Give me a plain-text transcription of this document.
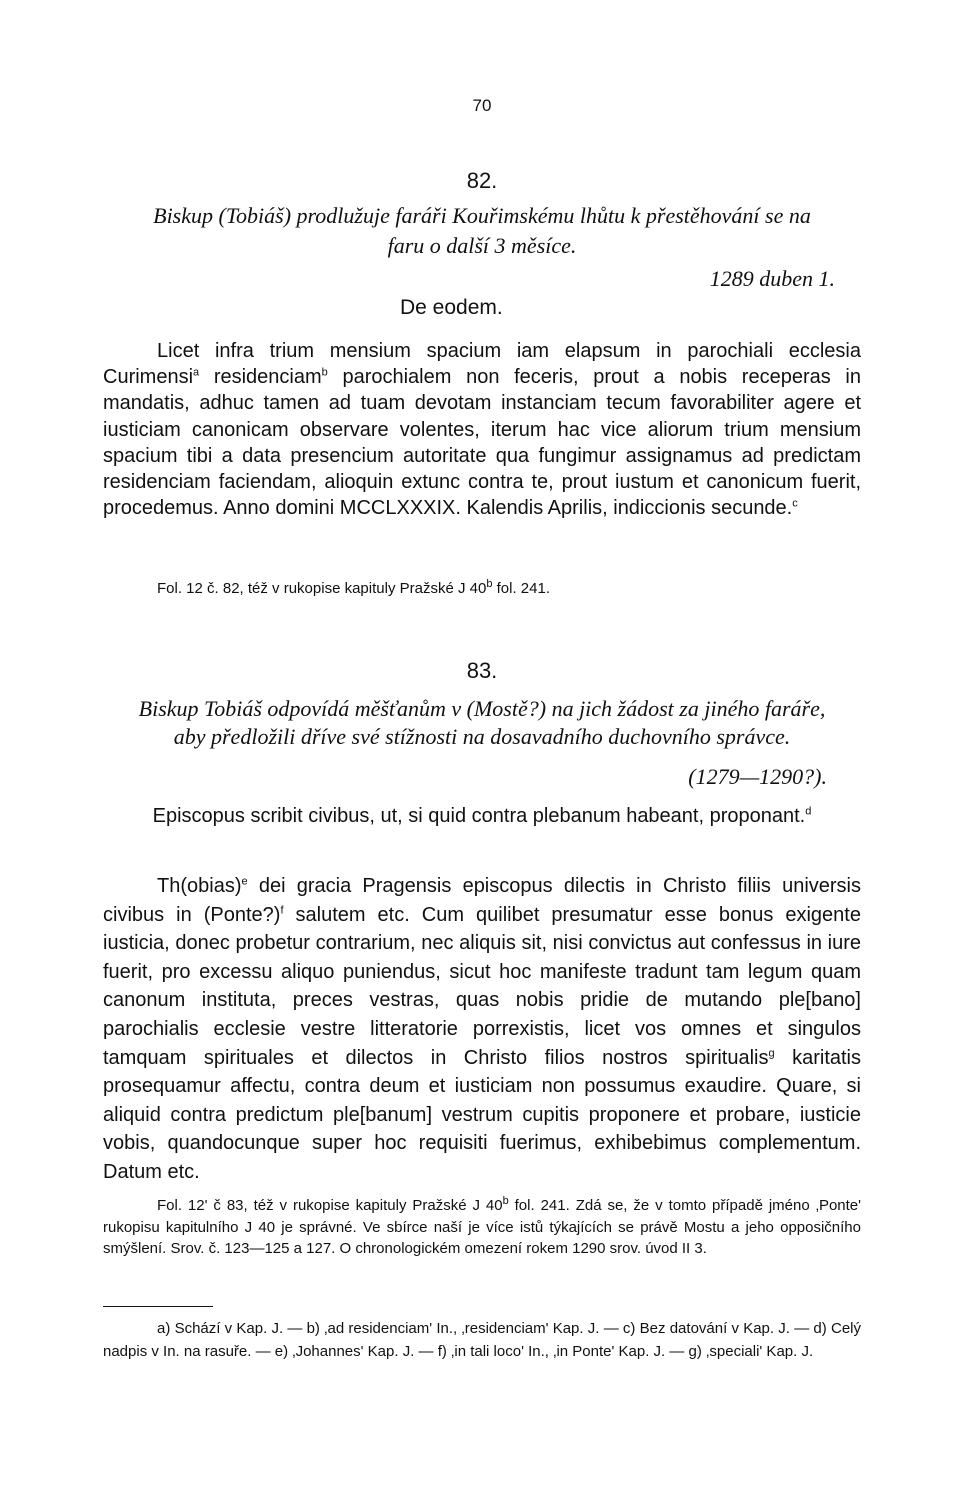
70
82.
Biskup (Tobiáš) prodlužuje faráři Kouřimskému lhůtu k přestěhování se na
faru o další 3 měsíce.
1289 duben 1.
De eodem.

Licet infra trium mensium spacium iam elapsum in parochiali ecclesia Curimensi$^a$ residenciam$^b$ parochialem non feceris, prout a nobis receperas in mandatis, adhuc tamen ad tuam devotam instanciam tecum favorabiliter agere et iusticiam canonicam observare volentes, iterum hac vice aliorum trium mensium spacium tibi a data presencium autoritate qua fungimur assignamus ad predictam residenciam faciendam, alioquin extunc contra te, prout iustum et canonicum fuerit, procedemus. Anno domini MCCLXXXIX. Kalendis Aprilis, indiccionis secunde.$^c$

Fol. 12 č. 82, též v rukopise kapituly Pražské J 40$^b$ fol. 241.

83.
Biskup Tobiáš odpovídá měšťanům v (Mostě?) na jich žádost za jiného faráře,
aby předložili dříve své stížnosti na dosavadního duchovního správce.
(1279—1290?).

Episcopus scribit civibus, ut, si quid contra plebanum habeant, proponant.$^d$

Th(obias)$^e$ dei gracia Pragensis episcopus dilectis in Christo filiis universis civibus in (Ponte?)$^f$ salutem etc. Cum quilibet presumatur esse bonus exigente iusticia, donec probetur contrarium, nec aliquis sit, nisi convictus aut confessus in iure fuerit, pro excessu aliquo puniendus, sicut hoc manifeste tradunt tam legum quam canonum instituta, preces vestras, quas nobis pridie de mutando ple[bano] parochialis ecclesie vestre litteratorie porrexistis, licet vos omnes et singulos tamquam spirituales et dilectos in Christo filios nostros spiritualis$^g$ karitatis prosequamur affectu, contra deum et iusticiam non possumus exaudire. Quare, si aliquid contra predictum ple[banum] vestrum cupitis proponere et probare, iusticie vobis, quandocunque super hoc requisiti fuerimus, exhibebimus complementum. Datum etc.

Fol. 12' č 83, též v rukopise kapituly Pražské J 40$^b$ fol. 241. Zdá se, že v tomto případě jméno ‚Ponte' rukopisu kapitulního J 40 je správné. Ve sbírce naší je více istů týkajících se právě Mostu a jeho opposičního smýšlení. Srov. č. 123—125 a 127. O chronologickém omezení rokem 1290 srov. úvod II 3.

a) Schází v Kap. J. — b) ‚ad residenciam' In., ‚residenciam' Kap. J. — c) Bez datování v Kap. J. — d) Celý nadpis v In. na rasuře. — e) ‚Johannes' Kap. J. — f) ‚in tali loco' In., ‚in Ponte' Kap. J. — g) ‚speciali' Kap. J.
